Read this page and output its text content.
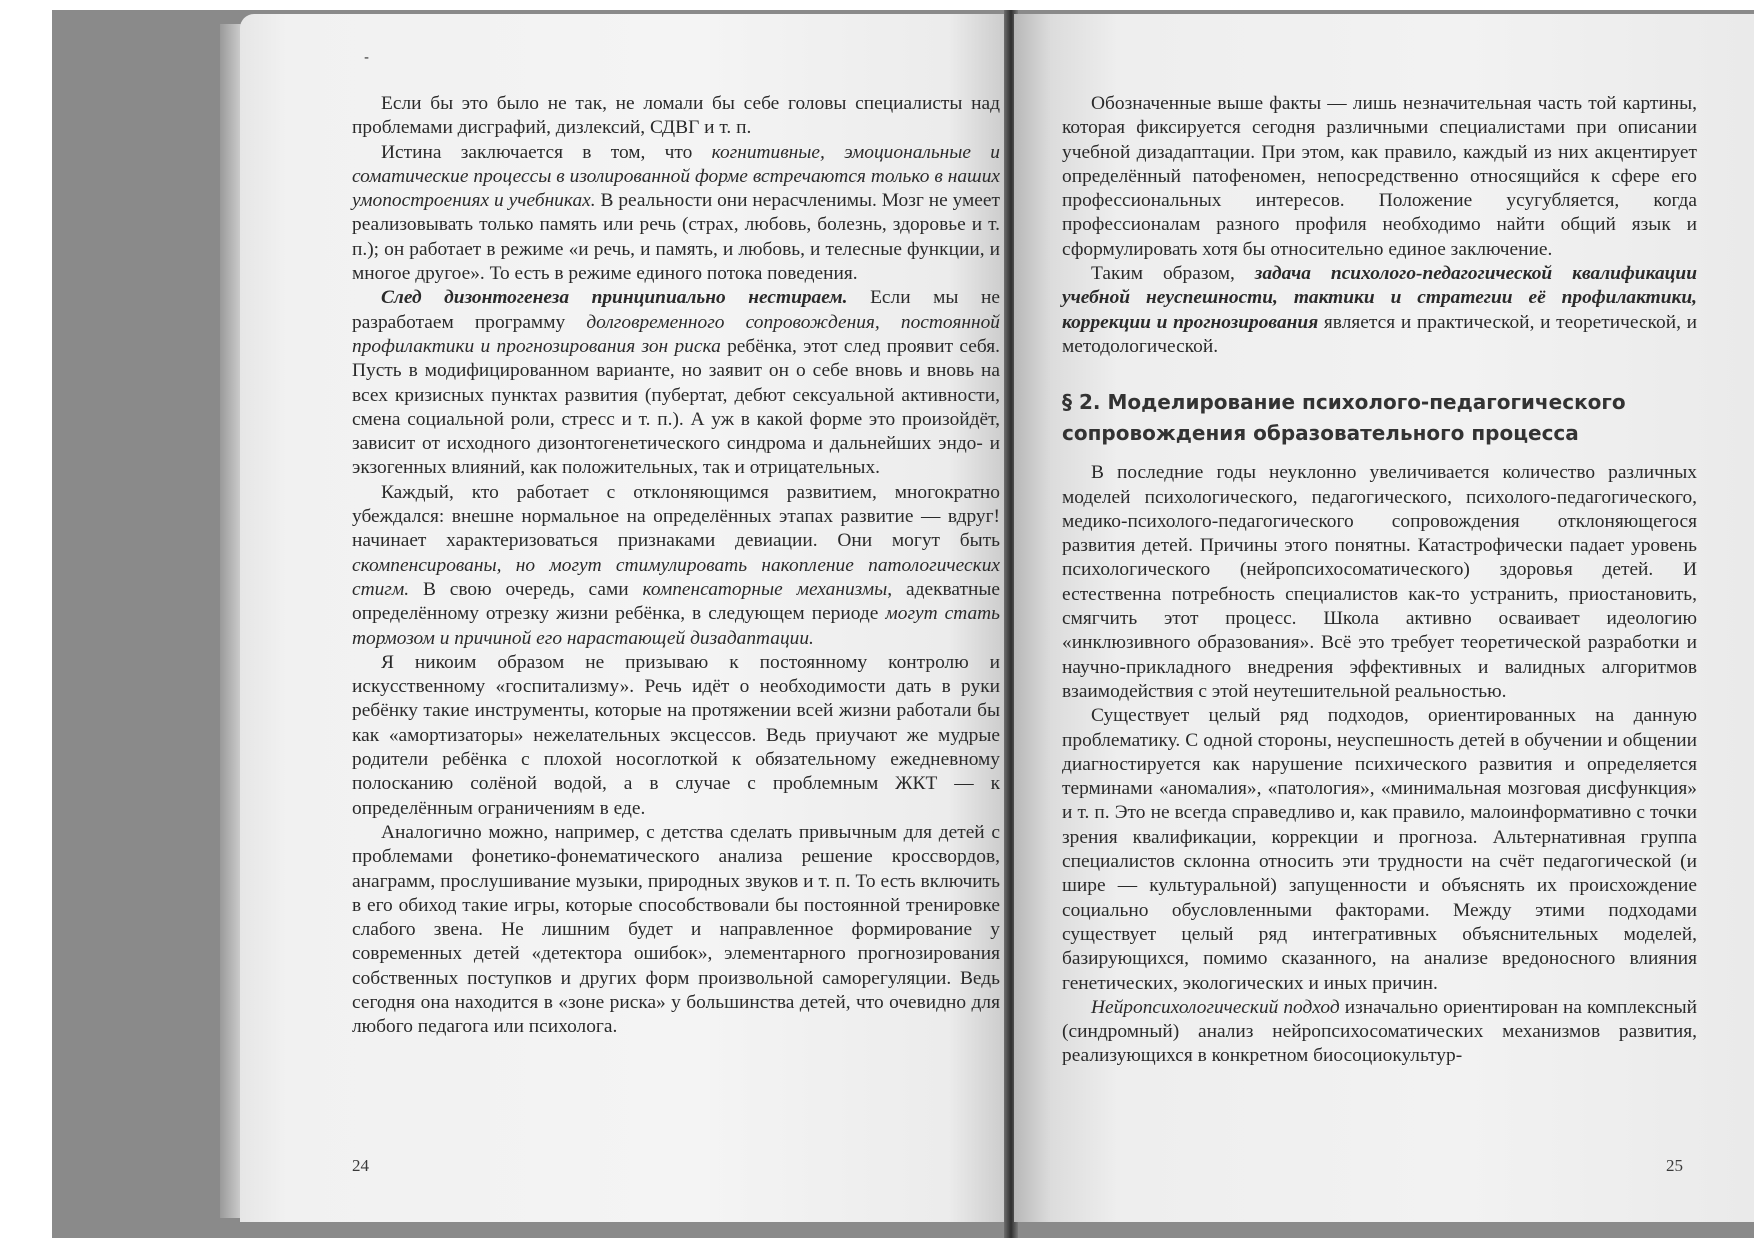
-

Если бы это было не так, не ломали бы себе головы специалисты над проблемами дисграфий, дизлексий, СДВГ и т. п.

Истина заключается в том, что когнитивные, эмоциональные и соматические процессы в изолированной форме встречаются только в наших умопостроениях и учебниках. В реальности они нерасчленимы. Мозг не умеет реализовывать только память или речь (страх, любовь, болезнь, здоровье и т. п.); он работает в режиме «и речь, и память, и любовь, и телесные функции, и многое другое». То есть в режиме единого потока поведения.

След дизонтогенеза принципиально нестираем. Если мы не разработаем программу долговременного сопровождения, постоянной профилактики и прогнозирования зон риска ребёнка, этот след проявит себя. Пусть в модифицированном варианте, но заявит он о себе вновь и вновь на всех кризисных пунктах развития (пубертат, дебют сексуальной активности, смена социальной роли, стресс и т. п.). А уж в какой форме это произойдёт, зависит от исходного дизонтогенетического синдрома и дальнейших эндо- и экзогенных влияний, как положительных, так и отрицательных.

Каждый, кто работает с отклоняющимся развитием, многократно убеждался: внешне нормальное на определённых этапах развитие — вдруг! начинает характеризоваться признаками девиации. Они могут быть скомпенсированы, но могут стимулировать накопление патологических стигм. В свою очередь, сами компенсаторные механизмы, адекватные определённому отрезку жизни ребёнка, в следующем периоде могут стать тормозом и причиной его нарастающей дизадаптации.

Я никоим образом не призываю к постоянному контролю и искусственному «госпитализму». Речь идёт о необходимости дать в руки ребёнку такие инструменты, которые на протяжении всей жизни работали бы как «амортизаторы» нежелательных эксцессов. Ведь приучают же мудрые родители ребёнка с плохой носоглоткой к обязательному ежедневному полосканию солёной водой, а в случае с проблемным ЖКТ — к определённым ограничениям в еде.

Аналогично можно, например, с детства сделать привычным для детей с проблемами фонетико-фонематического анализа решение кроссвордов, анаграмм, прослушивание музыки, природных звуков и т. п. То есть включить в его обиход такие игры, которые способствовали бы постоянной тренировке слабого звена. Не лишним будет и направленное формирование у современных детей «детектора ошибок», элементарного прогнозирования собственных поступков и других форм произвольной саморегуляции. Ведь сегодня она находится в «зоне риска» у большинства детей, что очевидно для любого педагога или психолога.

24

Обозначенные выше факты — лишь незначительная часть той картины, которая фиксируется сегодня различными специалистами при описании учебной дизадаптации. При этом, как правило, каждый из них акцентирует определённый патофеномен, непосредственно относящийся к сфере его профессиональных интересов. Положение усугубляется, когда профессионалам разного профиля необходимо найти общий язык и сформулировать хотя бы относительно единое заключение.

Таким образом, задача психолого-педагогической квалификации учебной неуспешности, тактики и стратегии её профилактики, коррекции и прогнозирования является и практической, и теоретической, и методологической.

§ 2. Моделирование психолого-педагогического
сопровождения образовательного процесса

В последние годы неуклонно увеличивается количество различных моделей психологического, педагогического, психолого-педагогического, медико-психолого-педагогического сопровождения отклоняющегося развития детей. Причины этого понятны. Катастрофически падает уровень психологического (нейропсихосоматического) здоровья детей. И естественна потребность специалистов как-то устранить, приостановить, смягчить этот процесс. Школа активно осваивает идеологию «инклюзивного образования». Всё это требует теоретической разработки и научно-прикладного внедрения эффективных и валидных алгоритмов взаимодействия с этой неутешительной реальностью.

Существует целый ряд подходов, ориентированных на данную проблематику. С одной стороны, неуспешность детей в обучении и общении диагностируется как нарушение психического развития и определяется терминами «аномалия», «патология», «минимальная мозговая дисфункция» и т. п. Это не всегда справедливо и, как правило, малоинформативно с точки зрения квалификации, коррекции и прогноза. Альтернативная группа специалистов склонна относить эти трудности на счёт педагогической (и шире — культуральной) запущенности и объяснять их происхождение социально обусловленными факторами. Между этими подходами существует целый ряд интегративных объяснительных моделей, базирующихся, помимо сказанного, на анализе вредоносного влияния генетических, экологических и иных причин.

Нейропсихологический подход изначально ориентирован на комплексный (синдромный) анализ нейропсихосоматических механизмов развития, реализующихся в конкретном биосоциокультур-

25
